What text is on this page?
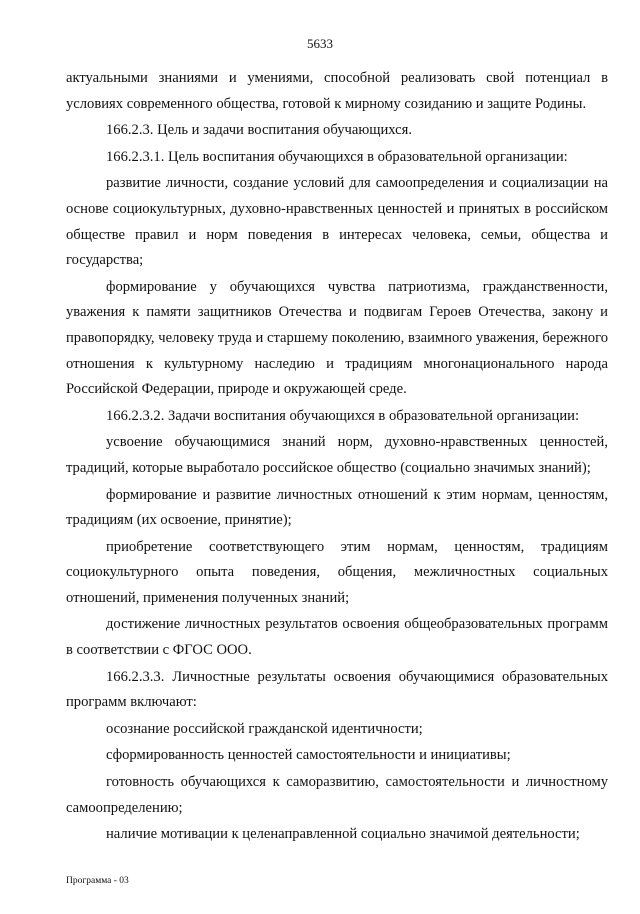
5633

актуальными знаниями и умениями, способной реализовать свой потенциал в условиях современного общества, готовой к мирному созиданию и защите Родины.

166.2.3. Цель и задачи воспитания обучающихся.

166.2.3.1. Цель воспитания обучающихся в образовательной организации:

развитие личности, создание условий для самоопределения и социализации на основе социокультурных, духовно-нравственных ценностей и принятых в российском обществе правил и норм поведения в интересах человека, семьи, общества и государства;

формирование у обучающихся чувства патриотизма, гражданственности, уважения к памяти защитников Отечества и подвигам Героев Отечества, закону и правопорядку, человеку труда и старшему поколению, взаимного уважения, бережного отношения к культурному наследию и традициям многонационального народа Российской Федерации, природе и окружающей среде.

166.2.3.2. Задачи воспитания обучающихся в образовательной организации:

усвоение обучающимися знаний норм, духовно-нравственных ценностей, традиций, которые выработало российское общество (социально значимых знаний);

формирование и развитие личностных отношений к этим нормам, ценностям, традициям (их освоение, принятие);

приобретение соответствующего этим нормам, ценностям, традициям социокультурного опыта поведения, общения, межличностных социальных отношений, применения полученных знаний;

достижение личностных результатов освоения общеобразовательных программ в соответствии с ФГОС ООО.

166.2.3.3. Личностные результаты освоения обучающимися образовательных программ включают:

осознание российской гражданской идентичности;

сформированность ценностей самостоятельности и инициативы;

готовность обучающихся к саморазвитию, самостоятельности и личностному самоопределению;

наличие мотивации к целенаправленной социально значимой деятельности;

Программа - 03
